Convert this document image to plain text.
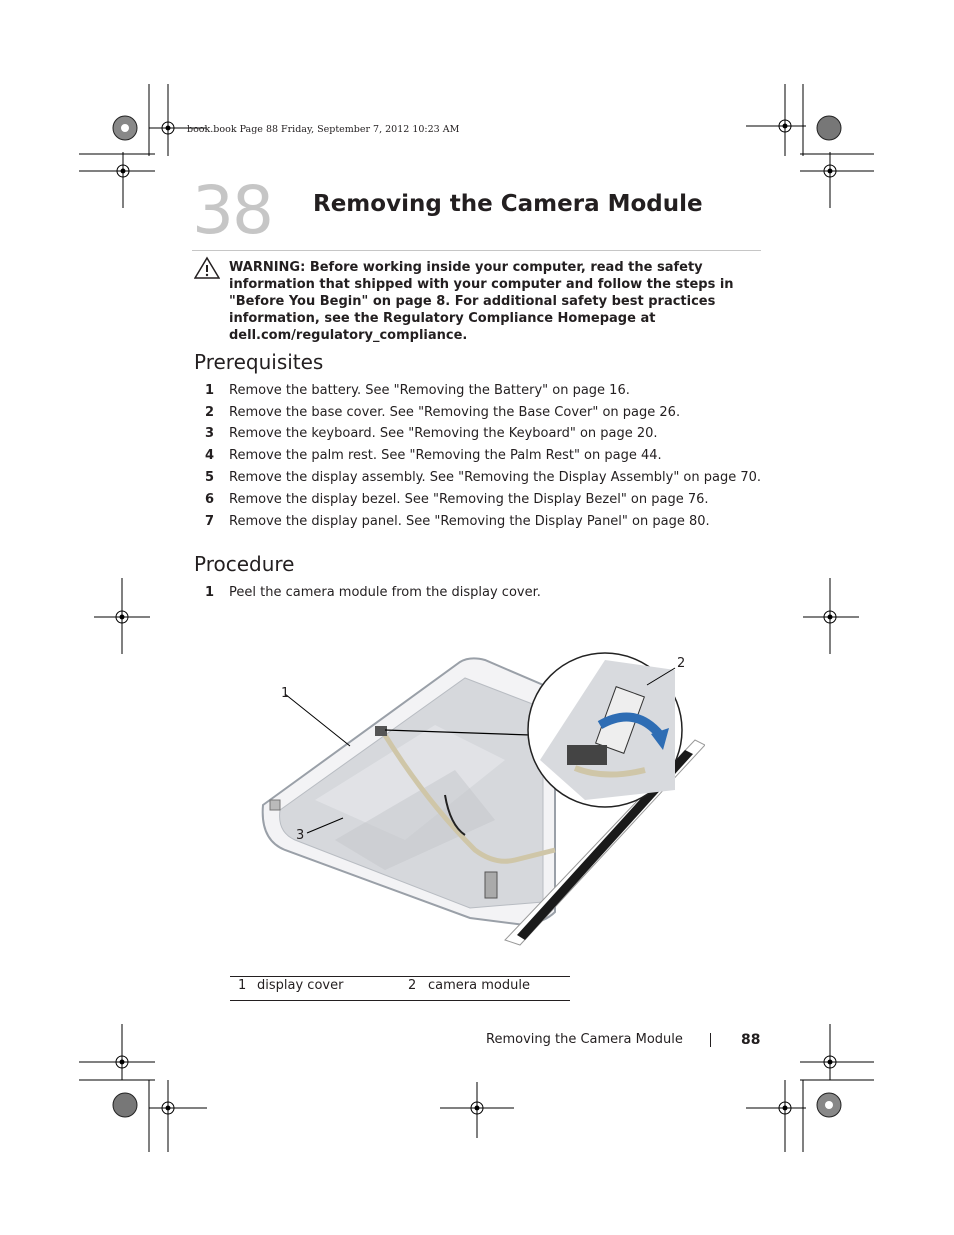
book.book Page 88 Friday, September 7, 2012 10:23 AM
38 Removing the Camera Module
WARNING: Before working inside your computer, read the safety information that shipped with your computer and follow the steps in "Before You Begin" on page 8. For additional safety best practices information, see the Regulatory Compliance Homepage at dell.com/regulatory_compliance.
Prerequisites
1 Remove the battery. See "Removing the Battery" on page 16.
2 Remove the base cover. See "Removing the Base Cover" on page 26.
3 Remove the keyboard. See "Removing the Keyboard" on page 20.
4 Remove the palm rest. See "Removing the Palm Rest" on page 44.
5 Remove the display assembly. See "Removing the Display Assembly" on page 70.
6 Remove the display bezel. See "Removing the Display Bezel" on page 76.
7 Remove the display panel. See "Removing the Display Panel" on page 80.
Procedure
1 Peel the camera module from the display cover.
1
2
3
1 display cover	2 camera module
Removing the Camera Module	88
